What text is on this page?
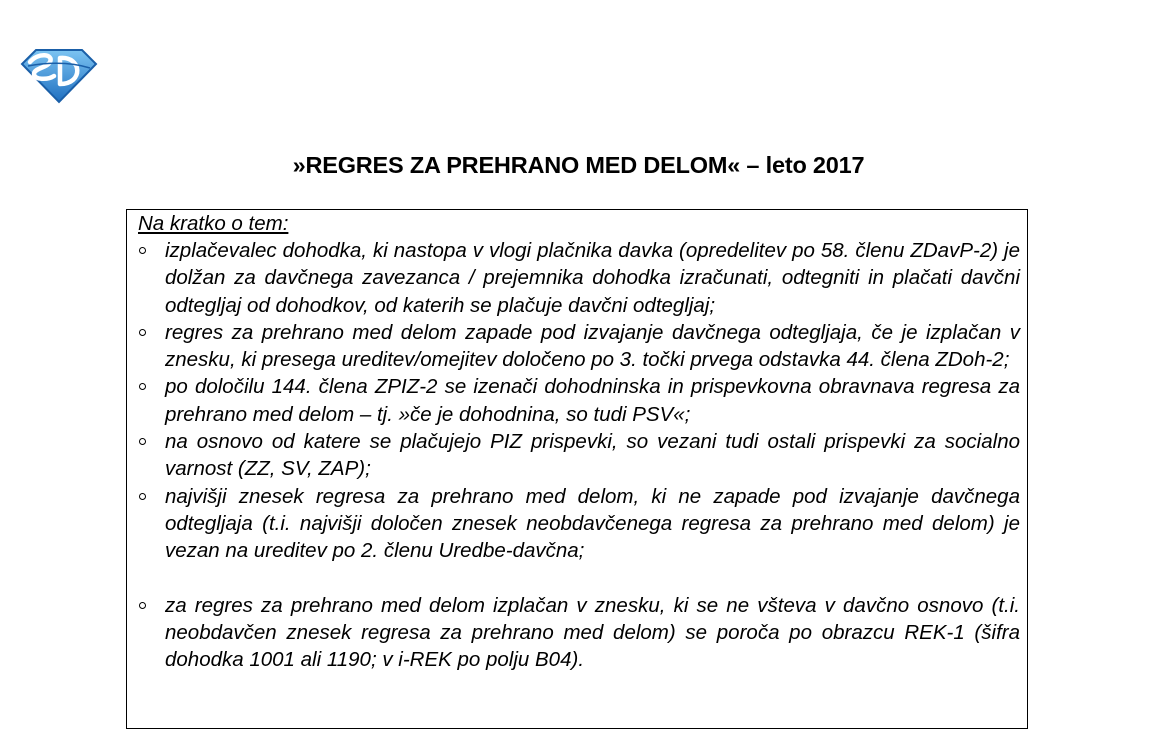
»REGRES ZA PREHRANO MED DELOM« – leto 2017
Na kratko o tem:
izplačevalec dohodka, ki nastopa v vlogi plačnika davka (opredelitev po 58. členu ZDavP-2) je dolžan za davčnega zavezanca / prejemnika dohodka izračunati, odtegniti in plačati davčni odtegljaj od dohodkov, od katerih se plačuje davčni odtegljaj;
regres za prehrano med delom zapade pod izvajanje davčnega odtegljaja, če je izplačan v znesku, ki presega ureditev/omejitev določeno po 3. točki prvega odstavka 44. člena ZDoh-2;
po določilu 144. člena ZPIZ-2 se izenači dohodninska in prispevkovna obravnava regresa za prehrano med delom – tj. »če je dohodnina, so tudi PSV«;
na osnovo od katere se plačujejo PIZ prispevki, so vezani tudi ostali prispevki za socialno varnost (ZZ, SV, ZAP);
najvišji znesek regresa za prehrano med delom, ki ne zapade pod izvajanje davčnega odtegljaja (t.i. najvišji določen znesek neobdavčenega regresa za prehrano med delom) je vezan na ureditev po 2. členu Uredbe-davčna;
za regres za prehrano med delom izplačan v znesku, ki se ne všteva v davčno osnovo (t.i. neobdavčen znesek regresa za prehrano med delom) se poroča po obrazcu REK-1 (šifra dohodka 1001 ali 1190; v i-REK po polju B04).
